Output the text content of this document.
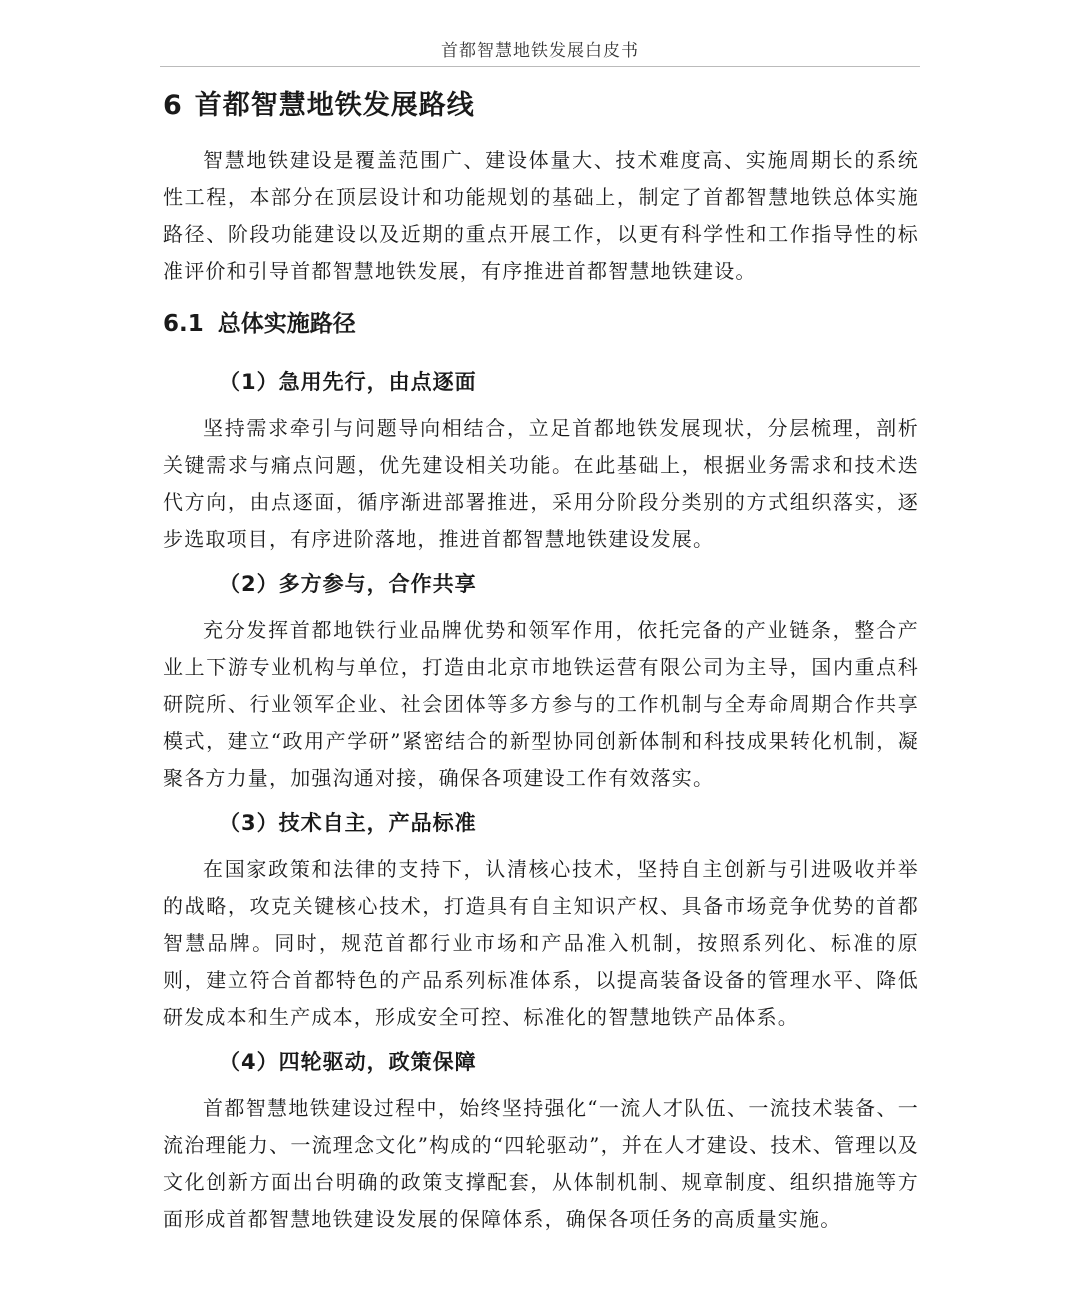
首都智慧地铁发展白皮书
6 首都智慧地铁发展路线

智慧地铁建设是覆盖范围广、建设体量大、技术难度高、实施周期长的系统性工程，本部分在顶层设计和功能规划的基础上，制定了首都智慧地铁总体实施路径、阶段功能建设以及近期的重点开展工作，以更有科学性和工作指导性的标准评价和引导首都智慧地铁发展，有序推进首都智慧地铁建设。

6.1 总体实施路径
（1）急用先行，由点逐面

坚持需求牵引与问题导向相结合，立足首都地铁发展现状，分层梳理，剖析关键需求与痛点问题，优先建设相关功能。在此基础上，根据业务需求和技术迭代方向，由点逐面，循序渐进部署推进，采用分阶段分类别的方式组织落实，逐步选取项目，有序进阶落地，推进首都智慧地铁建设发展。

（2）多方参与，合作共享

充分发挥首都地铁行业品牌优势和领军作用，依托完备的产业链条，整合产业上下游专业机构与单位，打造由北京市地铁运营有限公司为主导，国内重点科研院所、行业领军企业、社会团体等多方参与的工作机制与全寿命周期合作共享模式，建立“政用产学研”紧密结合的新型协同创新体制和科技成果转化机制，凝聚各方力量，加强沟通对接，确保各项建设工作有效落实。

（3）技术自主，产品标准

在国家政策和法律的支持下，认清核心技术，坚持自主创新与引进吸收并举的战略，攻克关键核心技术，打造具有自主知识产权、具备市场竞争优势的首都智慧品牌。同时，规范首都行业市场和产品准入机制，按照系列化、标准的原则，建立符合首都特色的产品系列标准体系，以提高装备设备的管理水平、降低研发成本和生产成本，形成安全可控、标准化的智慧地铁产品体系。

（4）四轮驱动，政策保障

首都智慧地铁建设过程中，始终坚持强化“一流人才队伍、一流技术装备、一流治理能力、一流理念文化”构成的“四轮驱动”，并在人才建设、技术、管理以及文化创新方面出台明确的政策支撑配套，从体制机制、规章制度、组织措施等方面形成首都智慧地铁建设发展的保障体系，确保各项任务的高质量实施。
